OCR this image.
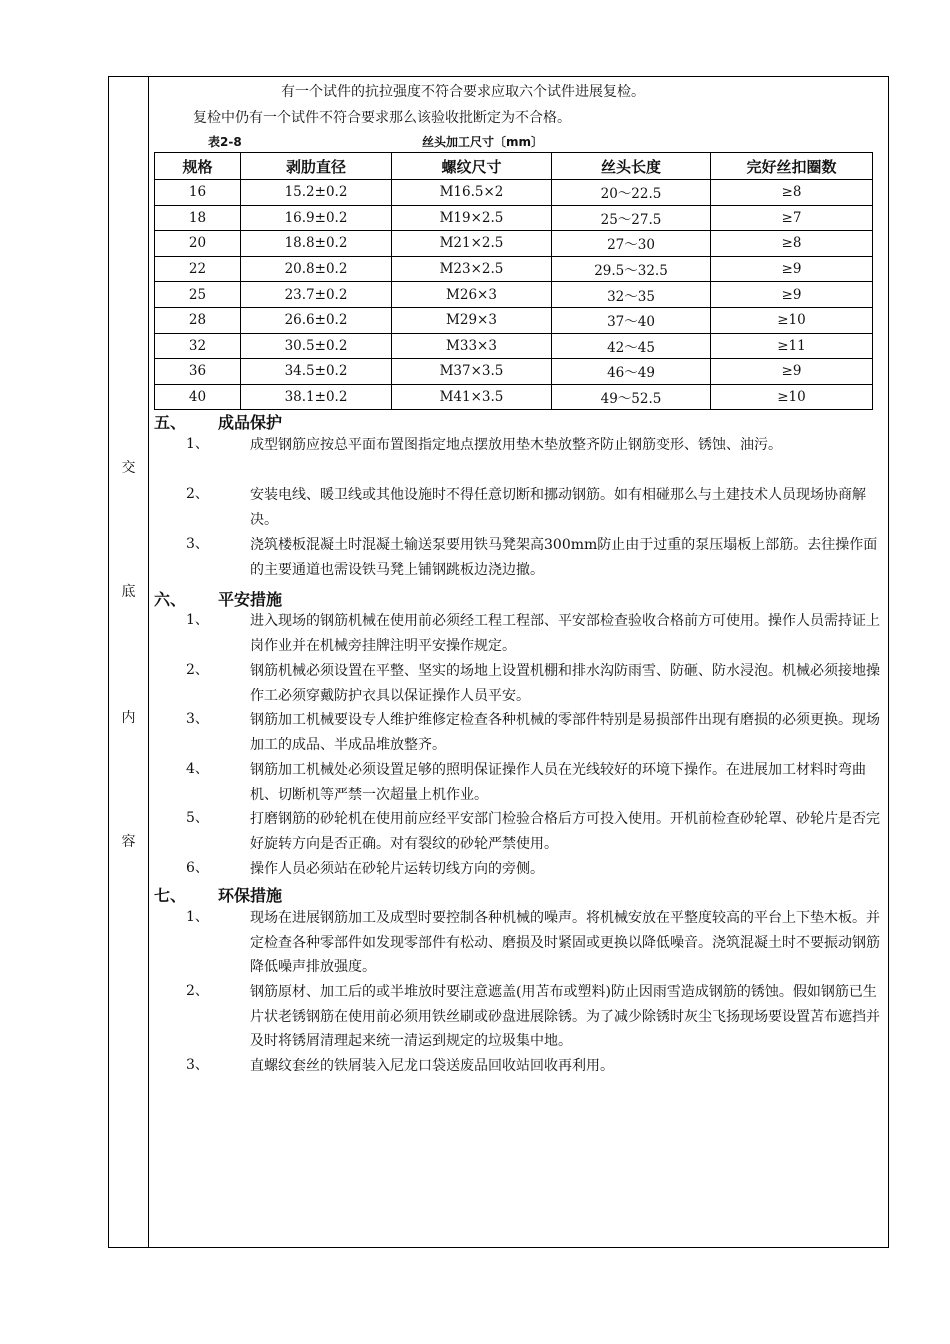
交
底
内
容
有一个试件的抗拉强度不符合要求应取六个试件进展复检。
复检中仍有一个试件不符合要求那么该验收批断定为不合格。
表2-8	丝头加工尺寸〔mm〕
规格	剥肋直径	螺纹尺寸	丝头长度	完好丝扣圈数
16	15.2±0.2	M16.5×2	20～22.5	≥8
18	16.9±0.2	M19×2.5	25～27.5	≥7
20	18.8±0.2	M21×2.5	27～30	≥8
22	20.8±0.2	M23×2.5	29.5～32.5	≥9
25	23.7±0.2	M26×3	32～35	≥9
28	26.6±0.2	M29×3	37～40	≥10
32	30.5±0.2	M33×3	42～45	≥11
36	34.5±0.2	M37×3.5	46～49	≥9
40	38.1±0.2	M41×3.5	49～52.5	≥10
五、 成品保护
1、	成型钢筋应按总平面布置图指定地点摆放用垫木垫放整齐防止钢筋变形、锈蚀、油污。
2、	安装电线、暖卫线或其他设施时不得任意切断和挪动钢筋。如有相碰那么与土建技术人员现场协商解决。
3、	浇筑楼板混凝土时混凝土输送泵要用铁马凳架高300mm防止由于过重的泵压塌板上部筋。去往操作面的主要通道也需设铁马凳上铺钢跳板边浇边撤。
六、 平安措施
1、	进入现场的钢筋机械在使用前必须经工程工程部、平安部检查验收合格前方可使用。操作人员需持证上岗作业并在机械旁挂牌注明平安操作规定。
2、	钢筋机械必须设置在平整、坚实的场地上设置机棚和排水沟防雨雪、防砸、防水浸泡。机械必须接地操作工必须穿戴防护衣具以保证操作人员平安。
3、	钢筋加工机械要设专人维护维修定检查各种机械的零部件特别是易损部件出现有磨损的必须更换。现场加工的成品、半成品堆放整齐。
4、	钢筋加工机械处必须设置足够的照明保证操作人员在光线较好的环境下操作。在进展加工材料时弯曲机、切断机等严禁一次超量上机作业。
5、	打磨钢筋的砂轮机在使用前应经平安部门检验合格后方可投入使用。开机前检查砂轮罩、砂轮片是否完好旋转方向是否正确。对有裂纹的砂轮严禁使用。
6、	操作人员必须站在砂轮片运转切线方向的旁侧。
七、 环保措施
1、	现场在进展钢筋加工及成型时要控制各种机械的噪声。将机械安放在平整度较高的平台上下垫木板。并定检查各种零部件如发现零部件有松动、磨损及时紧固或更换以降低噪音。浇筑混凝土时不要振动钢筋降低噪声排放强度。
2、	钢筋原材、加工后的或半堆放时要注意遮盖(用苫布或塑料)防止因雨雪造成钢筋的锈蚀。假如钢筋已生片状老锈钢筋在使用前必须用铁丝刷或砂盘进展除锈。为了减少除锈时灰尘飞扬现场要设置苫布遮挡并及时将锈屑清理起来统一清运到规定的垃圾集中地。
3、	直螺纹套丝的铁屑装入尼龙口袋送废品回收站回收再利用。
